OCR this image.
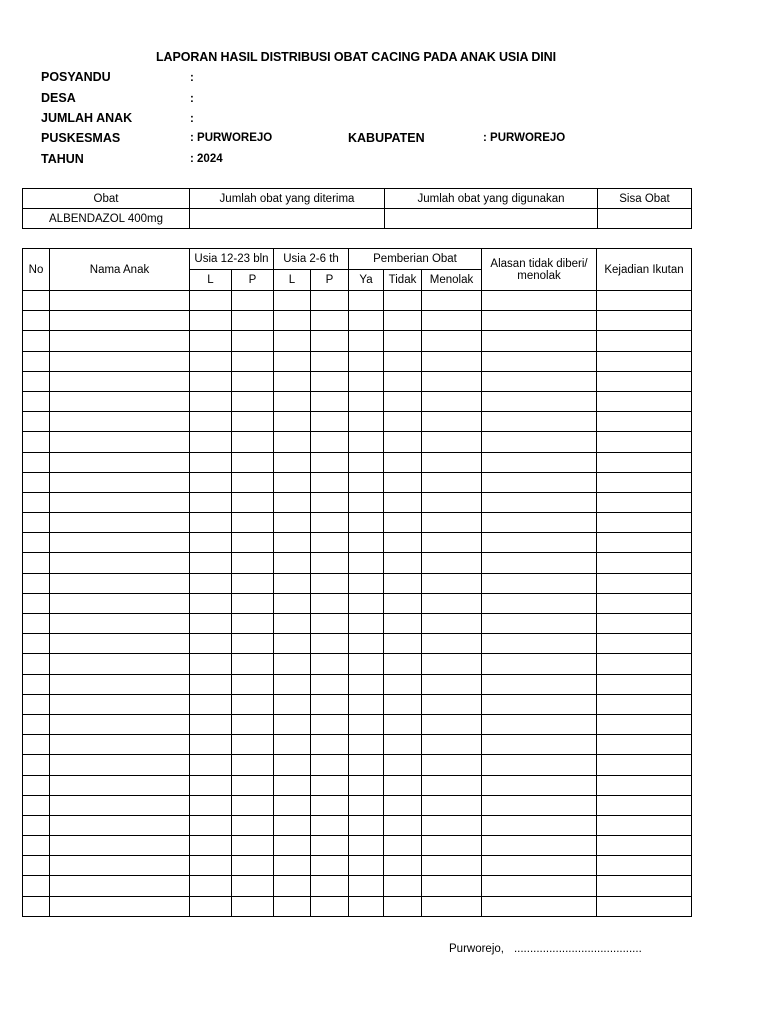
LAPORAN HASIL DISTRIBUSI OBAT CACING PADA ANAK USIA DINI
POSYANDU	:
DESA	:
JUMLAH ANAK	:
PUSKESMAS	: PURWOREJO	KABUPATEN	: PURWOREJO
TAHUN	: 2024
Obat	Jumlah obat yang diterima	Jumlah obat yang digunakan	Sisa Obat
ALBENDAZOL 400mg			
No	Nama Anak	Usia 12-23 bln		Usia 2-6 th		Pemberian Obat			Alasan tidak diberi/ menolak	Kejadian Ikutan
		L	P	L	P	Ya	Tidak	Menolak		

Purworejo, ........................................
